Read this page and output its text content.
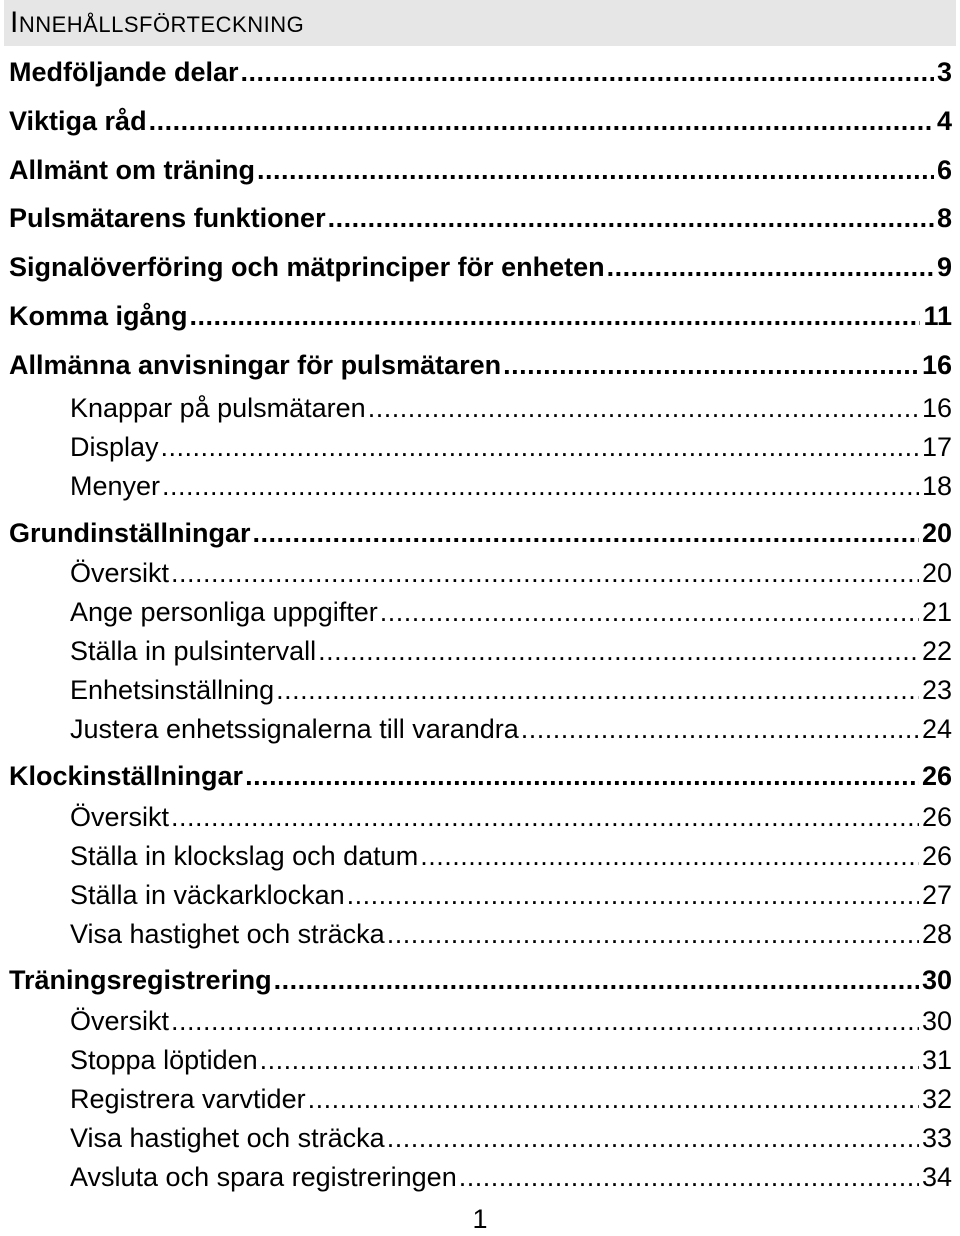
INNEHÅLLSFÖRTECKNING
Medföljande delar .....	3
Viktiga råd .....	4
Allmänt om träning .....	6
Pulsmätarens funktioner .....	8
Signalöverföring och mätprinciper för enheten .....	9
Komma igång .....	11
Allmänna anvisningar för pulsmätaren .....	16
Knappar på pulsmätaren .....	16
Display .....	17
Menyer .....	18
Grundinställningar .....	20
Översikt .....	20
Ange personliga uppgifter .....	21
Ställa in pulsintervall .....	22
Enhetsinställning .....	23
Justera enhetssignalerna till varandra .....	24
Klockinställningar .....	26
Översikt .....	26
Ställa in klockslag och datum .....	26
Ställa in väckarklockan .....	27
Visa hastighet och sträcka .....	28
Träningsregistrering .....	30
Översikt .....	30
Stoppa löptiden .....	31
Registrera varvtider .....	32
Visa hastighet och sträcka .....	33
Avsluta och spara registreringen .....	34
1
